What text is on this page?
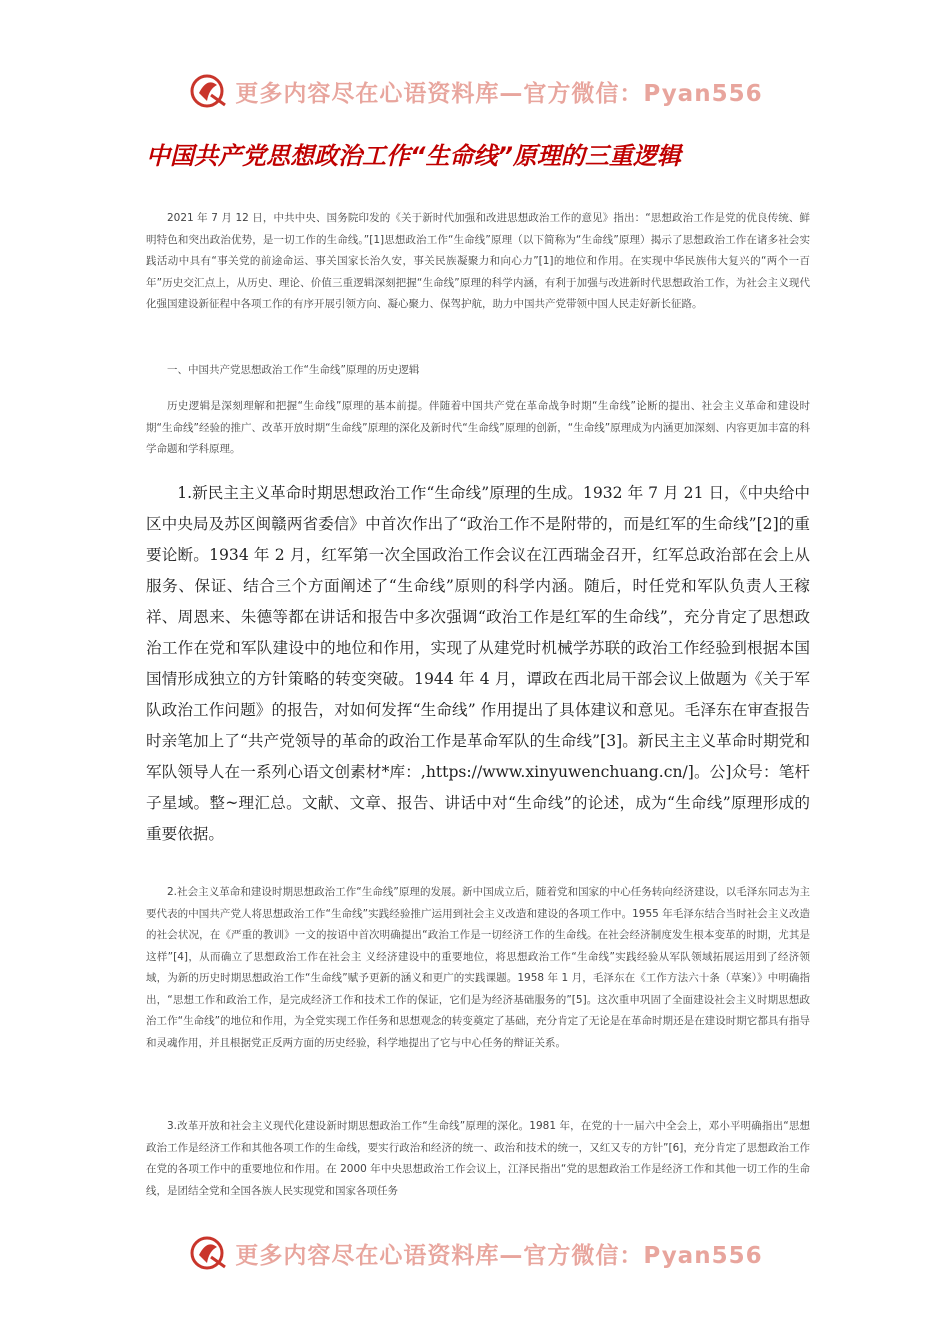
更多内容尽在心语资料库—官方微信：Pyan556
中国共产党思想政治工作“生命线”原理的三重逻辑

2021 年 7 月 12 日，中共中央、国务院印发的《关于新时代加强和改进思想政治工作的意见》指出：“思想政治工作是党的优良传统、鲜明特色和突出政治优势，是一切工作的生命线。”[1]思想政治工作“生命线”原理（以下简称为“生命线”原理）揭示了思想政治工作在诸多社会实践活动中具有“事关党的前途命运、事关国家长治久安，事关民族凝聚力和向心力”[1]的地位和作用。在实现中华民族伟大复兴的“两个一百年”历史交汇点上，从历史、理论、价值三重逻辑深刻把握“生命线”原理的科学内涵，有利于加强与改进新时代思想政治工作，为社会主义现代化强国建设新征程中各项工作的有序开展引领方向、凝心聚力、保驾护航，助力中国共产党带领中国人民走好新长征路。

一、中国共产党思想政治工作“生命线”原理的历史逻辑

历史逻辑是深刻理解和把握“生命线”原理的基本前提。伴随着中国共产党在革命战争时期“生命线”论断的提出、社会主义革命和建设时期“生命线”经验的推广、改革开放时期“生命线”原理的深化及新时代“生命线”原理的创新，“生命线”原理成为内涵更加深刻、内容更加丰富的科学命题和学科原理。

1.新民主主义革命时期思想政治工作“生命线”原理的生成。1932 年 7 月 21 日，《中央给中区中央局及苏区闽赣两省委信》中首次作出了“政治工作不是附带的，而是红军的生命线”[2]的重要论断。1934 年 2 月，红军第一次全国政治工作会议在江西瑞金召开，红军总政治部在会上从服务、保证、结合三个方面阐述了“生命线”原则的科学内涵。随后，时任党和军队负责人王稼祥、周恩来、朱德等都在讲话和报告中多次强调“政治工作是红军的生命线”，充分肯定了思想政治工作在党和军队建设中的地位和作用，实现了从建党时机械学苏联的政治工作经验到根据本国国情形成独立的方针策略的转变突破。1944 年 4 月，谭政在西北局干部会议上做题为《关于军队政治工作问题》的报告，对如何发挥“生命线” 作用提出了具体建议和意见。毛泽东在审查报告时亲笔加上了“共产党领导的革命的政治工作是革命军队的生命线”[3]。新民主主义革命时期党和军队领导人在一系列心语文创素材*库：,https://www.xinyuwenchuang.cn/]。公]众号：笔杆子星域。整~理汇总。文献、文章、报告、讲话中对“生命线”的论述，成为“生命线”原理形成的重要依据。

2.社会主义革命和建设时期思想政治工作“生命线”原理的发展。新中国成立后，随着党和国家的中心任务转向经济建设，以毛泽东同志为主要代表的中国共产党人将思想政治工作“生命线”实践经验推广运用到社会主义改造和建设的各项工作中。1955 年毛泽东结合当时社会主义改造的社会状况，在《严重的教训》一文的按语中首次明确提出“政治工作是一切经济工作的生命线。在社会经济制度发生根本变革的时期，尤其是这样”[4]，从而确立了思想政治工作在社会主 义经济建设中的重要地位，将思想政治工作“生命线”实践经验从军队领域拓展运用到了经济领域，为新的历史时期思想政治工作“生命线”赋予更新的涵义和更广的实践课题。1958 年 1 月，毛泽东在《工作方法六十条（草案）》中明确指出，“思想工作和政治工作，是完成经济工作和技术工作的保证，它们是为经济基础服务的”[5]。这次重申巩固了全面建设社会主义时期思想政治工作“生命线”的地位和作用，为全党实现工作任务和思想观念的转变奠定了基础，充分肯定了无论是在革命时期还是在建设时期它都具有指导和灵魂作用，并且根据党正反两方面的历史经验，科学地提出了它与中心任务的辩证关系。

3.改革开放和社会主义现代化建设新时期思想政治工作“生命线”原理的深化。1981 年，在党的十一届六中全会上，邓小平明确指出“思想政治工作是经济工作和其他各项工作的生命线，要实行政治和经济的统一、政治和技术的统一，又红又专的方针”[6]，充分肯定了思想政治工作在党的各项工作中的重要地位和作用。在 2000 年中央思想政治工作会议上，江泽民指出“党的思想政治工作是经济工作和其他一切工作的生命线，是团结全党和全国各族人民实现党和国家各项任务

更多内容尽在心语资料库—官方微信：Pyan556
